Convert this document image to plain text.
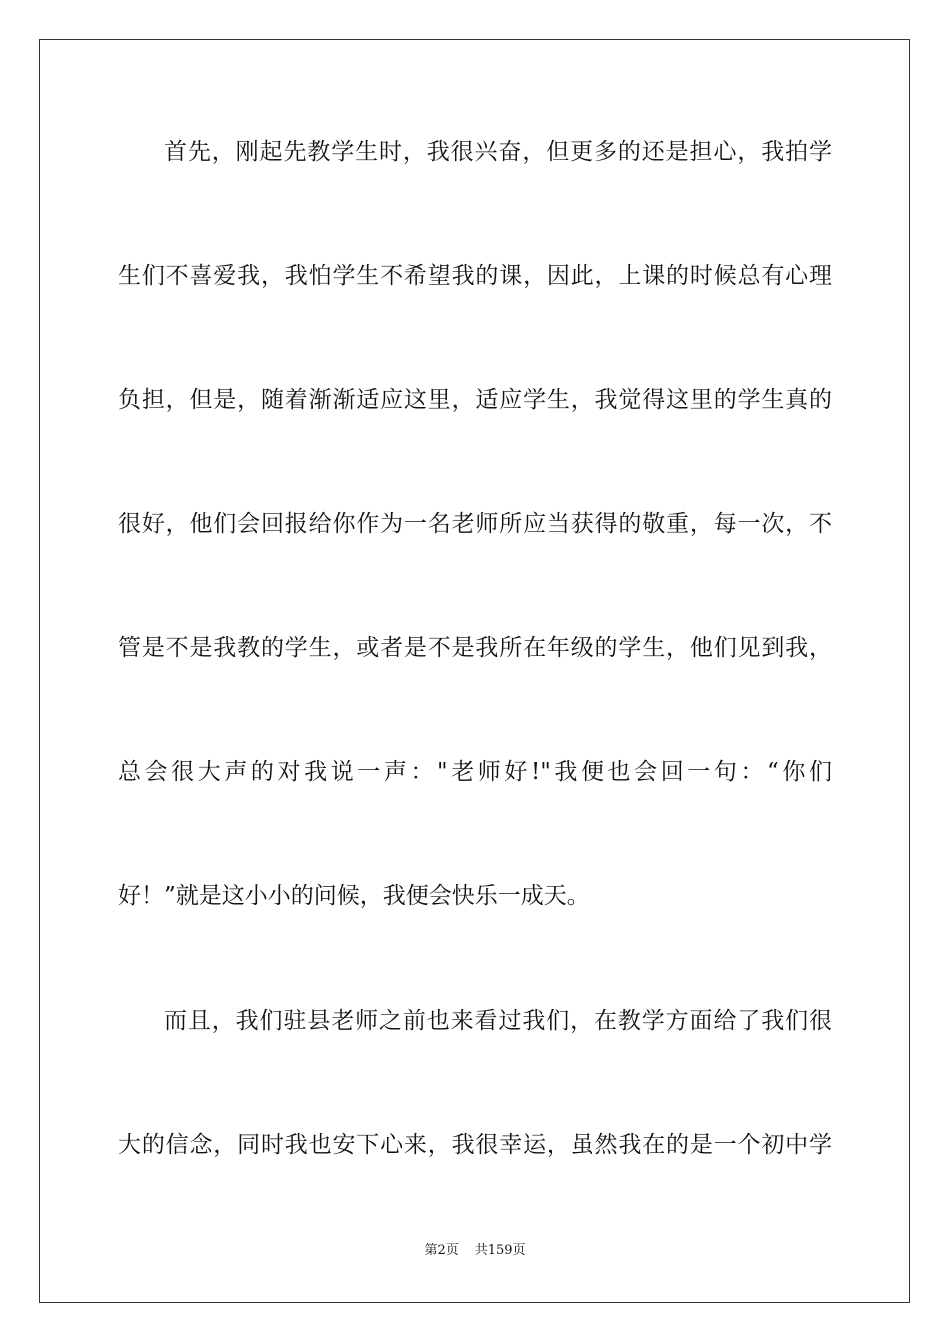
首先，刚起先教学生时，我很兴奋，但更多的还是担心，我拍学
生们不喜爱我，我怕学生不希望我的课，因此，上课的时候总有心理
负担，但是，随着渐渐适应这里，适应学生，我觉得这里的学生真的
很好，他们会回报给你作为一名老师所应当获得的敬重，每一次，不
管是不是我教的学生，或者是不是我所在年级的学生，他们见到我，
总会很大声的对我说一声："老师好!"我便也会回一句：“你们
好！”就是这小小的问候，我便会快乐一成天。
而且，我们驻县老师之前也来看过我们，在教学方面给了我们很
大的信念，同时我也安下心来，我很幸运，虽然我在的是一个初中学
第2页 共159页
